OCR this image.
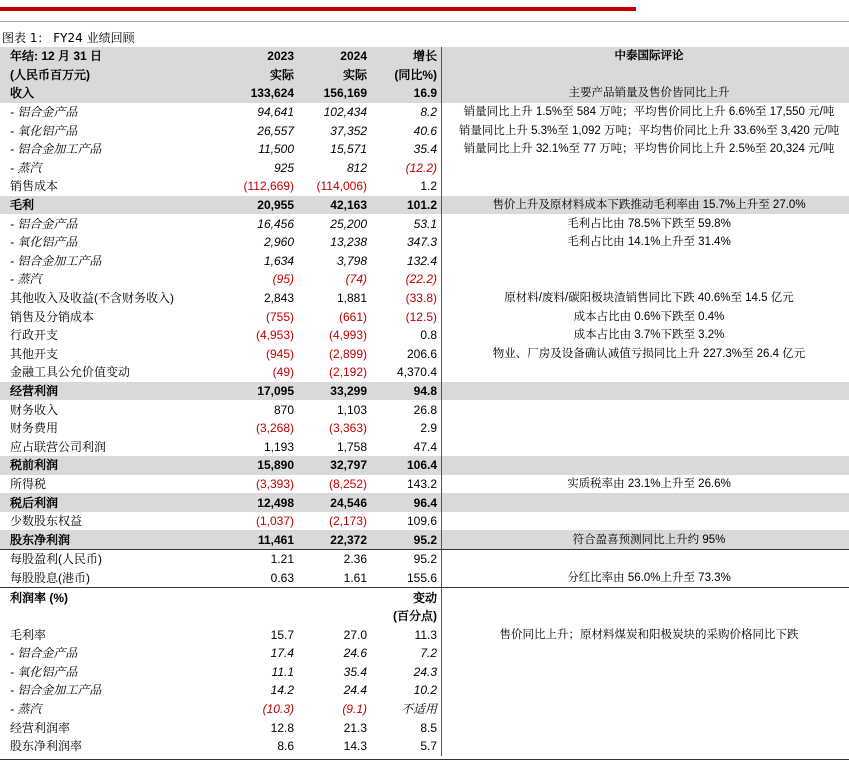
图表 1： FY24 业绩回顾
年结: 12 月 31 日	2023	2024	增长	中泰国际评论
(人民币百万元)	实际	实际	(同比%)	
收入	133,624	156,169	16.9	主要产品销量及售价皆同比上升
- 铝合金产品	94,641	102,434	8.2	销量同比上升 1.5%至 584 万吨；平均售价同比上升 6.6%至 17,550 元/吨
- 氧化铝产品	26,557	37,352	40.6	销量同比上升 5.3%至 1,092 万吨；平均售价同比上升 33.6%至 3,420 元/吨
- 铝合金加工产品	11,500	15,571	35.4	销量同比上升 32.1%至 77 万吨；平均售价同比上升 2.5%至 20,324 元/吨
- 蒸汽	925	812	(12.2)	
销售成本	(112,669)	(114,006)	1.2	
毛利	20,955	42,163	101.2	售价上升及原材料成本下跌推动毛利率由 15.7%上升至 27.0%
- 铝合金产品	16,456	25,200	53.1	毛利占比由 78.5%下跌至 59.8%
- 氧化铝产品	2,960	13,238	347.3	毛利占比由 14.1%上升至 31.4%
- 铝合金加工产品	1,634	3,798	132.4	
- 蒸汽	(95)	(74)	(22.2)	
其他收入及收益(不含财务收入)	2,843	1,881	(33.8)	原材料/废料/碳阳极块渣销售同比下跌 40.6%至 14.5 亿元
销售及分销成本	(755)	(661)	(12.5)	成本占比由 0.6%下跌至 0.4%
行政开支	(4,953)	(4,993)	0.8	成本占比由 3.7%下跌至 3.2%
其他开支	(945)	(2,899)	206.6	物业、厂房及设备确认减值亏损同比上升 227.3%至 26.4 亿元
金融工具公允价值变动	(49)	(2,192)	4,370.4	
经营利润	17,095	33,299	94.8	
财务收入	870	1,103	26.8	
财务费用	(3,268)	(3,363)	2.9	
应占联营公司利润	1,193	1,758	47.4	
税前利润	15,890	32,797	106.4	
所得税	(3,393)	(8,252)	143.2	实质税率由 23.1%上升至 26.6%
税后利润	12,498	24,546	96.4	
少数股东权益	(1,037)	(2,173)	109.6	
股东净利润	11,461	22,372	95.2	符合盈喜预测同比上升约 95%
每股盈利(人民币)	1.21	2.36	95.2	
每股股息(港币)	0.63	1.61	155.6	分红比率由 56.0%上升至 73.3%
利润率 (%)			变动	
			(百分点)	
毛利率	15.7	27.0	11.3	售价同比上升；原材料煤炭和阳极炭块的采购价格同比下跌
- 铝合金产品	17.4	24.6	7.2	
- 氧化铝产品	11.1	35.4	24.3	
- 铝合金加工产品	14.2	24.4	10.2	
- 蒸汽	(10.3)	(9.1)	不适用	
经营利润率	12.8	21.3	8.5	
股东净利润率	8.6	14.3	5.7	
